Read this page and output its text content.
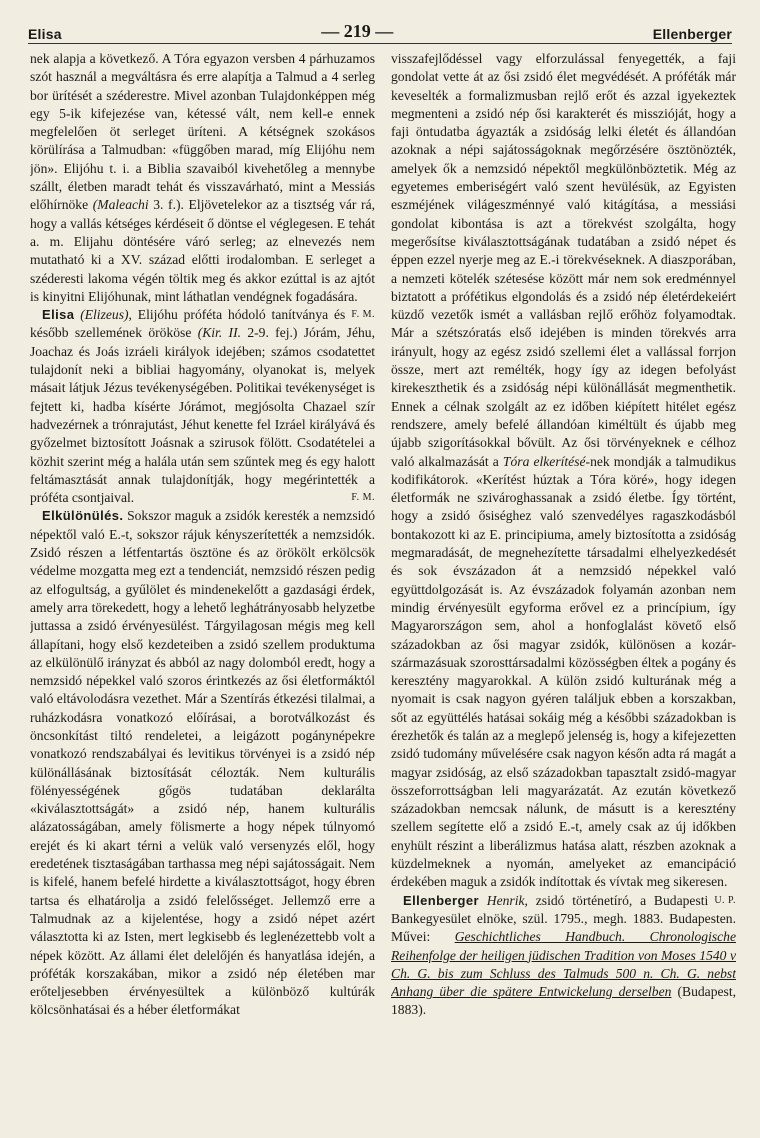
Elisa	— 219 —	Ellenberger

nek alapja a következő. A Tóra egyazon versben 4 párhuzamos szót használ a megváltásra és erre alapítja a Talmud a 4 serleg bor ürítését a széderestre. Mivel azonban Tulajdonképpen még egy 5-ik kifejezése van, kétessé vált, nem kell-e ennek megfelelően öt serleget üríteni. A kétségnek szokásos körülírása a Talmudban: «függőben marad, míg Elijóhu nem jön». Elijóhu t. i. a Biblia szavaiból kivehetőleg a mennybe szállt, életben maradt tehát és visszavárható, mint a Messiás előhírnöke (Maleachi 3. f.). Eljövetelekor az a tisztség vár rá, hogy a vallás kétséges kérdéseit ő döntse el véglegesen. E tehát a. m. Elijahu döntésére váró serleg; az elnevezés nem mutatható ki a XV. század előtti irodalomban. E serleget a széderesti lakoma végén töltik meg és akkor ezúttal is az ajtót is kinyitni Elijóhunak, mint láthatlan vendégnek fogadására.
F. M.

Elisa (Elizeus), Elijóhu próféta hódoló tanítványa és később szellemének örököse (Kir. II. 2-9. fej.) Jórám, Jéhu, Joachaz és Joás izráeli királyok idejében; számos csodatettet tulajdonít neki a bibliai hagyomány, olyanokat is, melyek másait látjuk Jézus tevékenységében. Politikai tevékenységet is fejtett ki, hadba kísérte Jórámot, megjósolta Chazael szír hadvezérnek a trónrajutást, Jéhut kenette fel Izráel királyává és győzelmet biztosított Joásnak a szirusok fölött. Csodatételei a közhit szerint még a halála után sem szűntek meg és egy halott feltámasztását annak tulajdonítják, hogy megérintették a próféta csontjaival.	F. M.

Elkülönülés. Sokszor maguk a zsidók keresték a nemzsidó népektől való E.-t, sokszor rájuk kényszerítették a nemzsidók. Zsidó részen a létfentartás ösztöne és az örökölt erkölcsök védelme mozgatta meg ezt a tendenciát, nemzsidó részen pedig az elfogultság, a gyűlölet és mindenekelőtt a gazdasági érdek, amely arra törekedett, hogy a lehető leghátrányosabb helyzetbe juttassa a zsidó érvényesülést. Tárgyilagosan mégis meg kell állapítani, hogy első kezdeteiben a zsidó szellem produktuma az elkülönülő irányzat és abból az nagy dolomból eredt, hogy a nemzsidó népekkel való szoros érintkezés az ősi életformáktól való eltávolodásra vezethet. Már a Szentírás étkezési tilalmai, a ruházkodásra vonatkozó előírásai, a borotválkozást és öncsonkítást tiltó rendeletei, a leigázott pogánynépekre vonatkozó rendszabályai és levitikus törvényei is a zsidó nép különállásának biztosítását célozták. Nem kulturális fölényességének gőgös tudatában deklarálta «kiválasztottságát» a zsidó nép, hanem kulturális alázatosságában, amely fölismerte a hogy népek túlnyomó erejét és ki akart térni a velük való versenyzés elől, hogy eredetének tisztaságában tarthassa meg népi sajátosságait. Nem is kifelé, hanem befelé hirdette a kiválasztottságot, hogy ébren tartsa és elhatárolja a zsidó felelősséget. Jellemző erre a Talmudnak az a kijelentése, hogy a zsidó népet azért választotta ki az Isten, mert legkisebb és leglenézettebb volt a népek között. Az állami élet delelőjén és hanyatlása idején, a próféták korszakában, mikor a zsidó nép életében mar erőteljesebben érvényesültek a különböző kultúrák kölcsönhatásai és a héber életformákat

visszafejlődéssel vagy elforzulással fenyegették, a faji gondolat vette át az ősi zsidó élet megvédését. A próféták már keveselték a formalizmusban rejlő erőt és azzal igyekeztek megmenteni a zsidó nép ősi karakterét és misszióját, hogy a faji öntudatba ágyazták a zsidóság lelki életét és állandóan azoknak a népi sajátosságoknak megőrzésére ösztönözték, amelyek ők a nemzsidó népektől megkülönböztetik. Még az egyetemes emberiségért való szent hevülésük, az Egyisten eszméjének világeszménnyé való kitágítása, a messiási gondolat kibontása is azt a törekvést szolgálta, hogy megerősítse kiválasztottságának tudatában a zsidó népet és éppen ezzel nyerje meg az E.-i törekvéseknek. A diaszporában, a nemzeti kötelék szétesése között már nem sok eredménnyel biztatott a prófétikus elgondolás és a zsidó nép életérdekeiért küzdő vezetők ismét a vallásban rejlő erőhöz folyamodtak. Már a szétszóratás első idejében is minden törekvés arra irányult, hogy az egész zsidó szellemi élet a vallással forrjon össze, mert azt remélték, hogy így az idegen befolyást kirekeszthetik és a zsidóság népi különállását megmenthetik. Ennek a célnak szolgált az ez időben kiépített hitélet egész rendszere, amely befelé állandóan kiméltült és újabb meg újabb szigorításokkal bővült. Az ősi törvényeknek e célhoz való alkalmazását a Tóra elkerítésé-nek mondják a talmudikus kodifikátorok. «Kerítést húztak a Tóra köré», hogy idegen életformák ne szivároghassanak a zsidó életbe. Így történt, hogy a zsidó ősiséghez való szenvedélyes ragaszkodásból bontakozott ki az E. principiuma, amely biztosította a zsidóság megmaradását, de megnehezítette társadalmi elhelyezkedését és sok évszázadon át a nemzsidó népekkel való együttdolgozását is. Az évszázadok folyamán azonban nem mindig érvényesült egyforma erővel ez a princípium, így Magyarországon sem, ahol a honfoglalást követő első századokban az ősi magyar zsidók, különösen a kozár-származásuak szorosttársadalmi közösségben éltek a pogány és keresztény magyarokkal. A külön zsidó kulturának még a nyomait is csak nagyon gyéren találjuk ebben a korszakban, sőt az együttélés hatásai sokáig még a későbbi századokban is érezhetők és talán az a meglepő jelenség is, hogy a kifejezetten zsidó tudomány művelésére csak nagyon későn adta rá magát a magyar zsidóság, az első századokban tapasztalt zsidó-magyar összeforrottságban leli magyarázatát. Az ezután következő századokban nemcsak nálunk, de másutt is a keresztény szellem segítette elő a zsidó E.-t, amely csak az új időkben enyhült részint a liberálizmus hatása alatt, részben azoknak a küzdelmeknek a nyomán, amelyeket az emancipáció érdekében maguk a zsidók indítottak és vívtak meg sikeresen.
U. P.

Ellenberger Henrik, zsidó történetíró, a Budapesti Bankegyesület elnöke, szül. 1795., megh. 1883. Budapesten. Művei: Geschichtliches Handbuch. Chronologische Reihenfolge der heiligen jüdischen Tradition von Moses 1540 v Ch. G. bis zum Schluss des Talmuds 500 n. Ch. G. nebst Anhang über die spätere Entwickelung derselben (Budapest, 1883).
